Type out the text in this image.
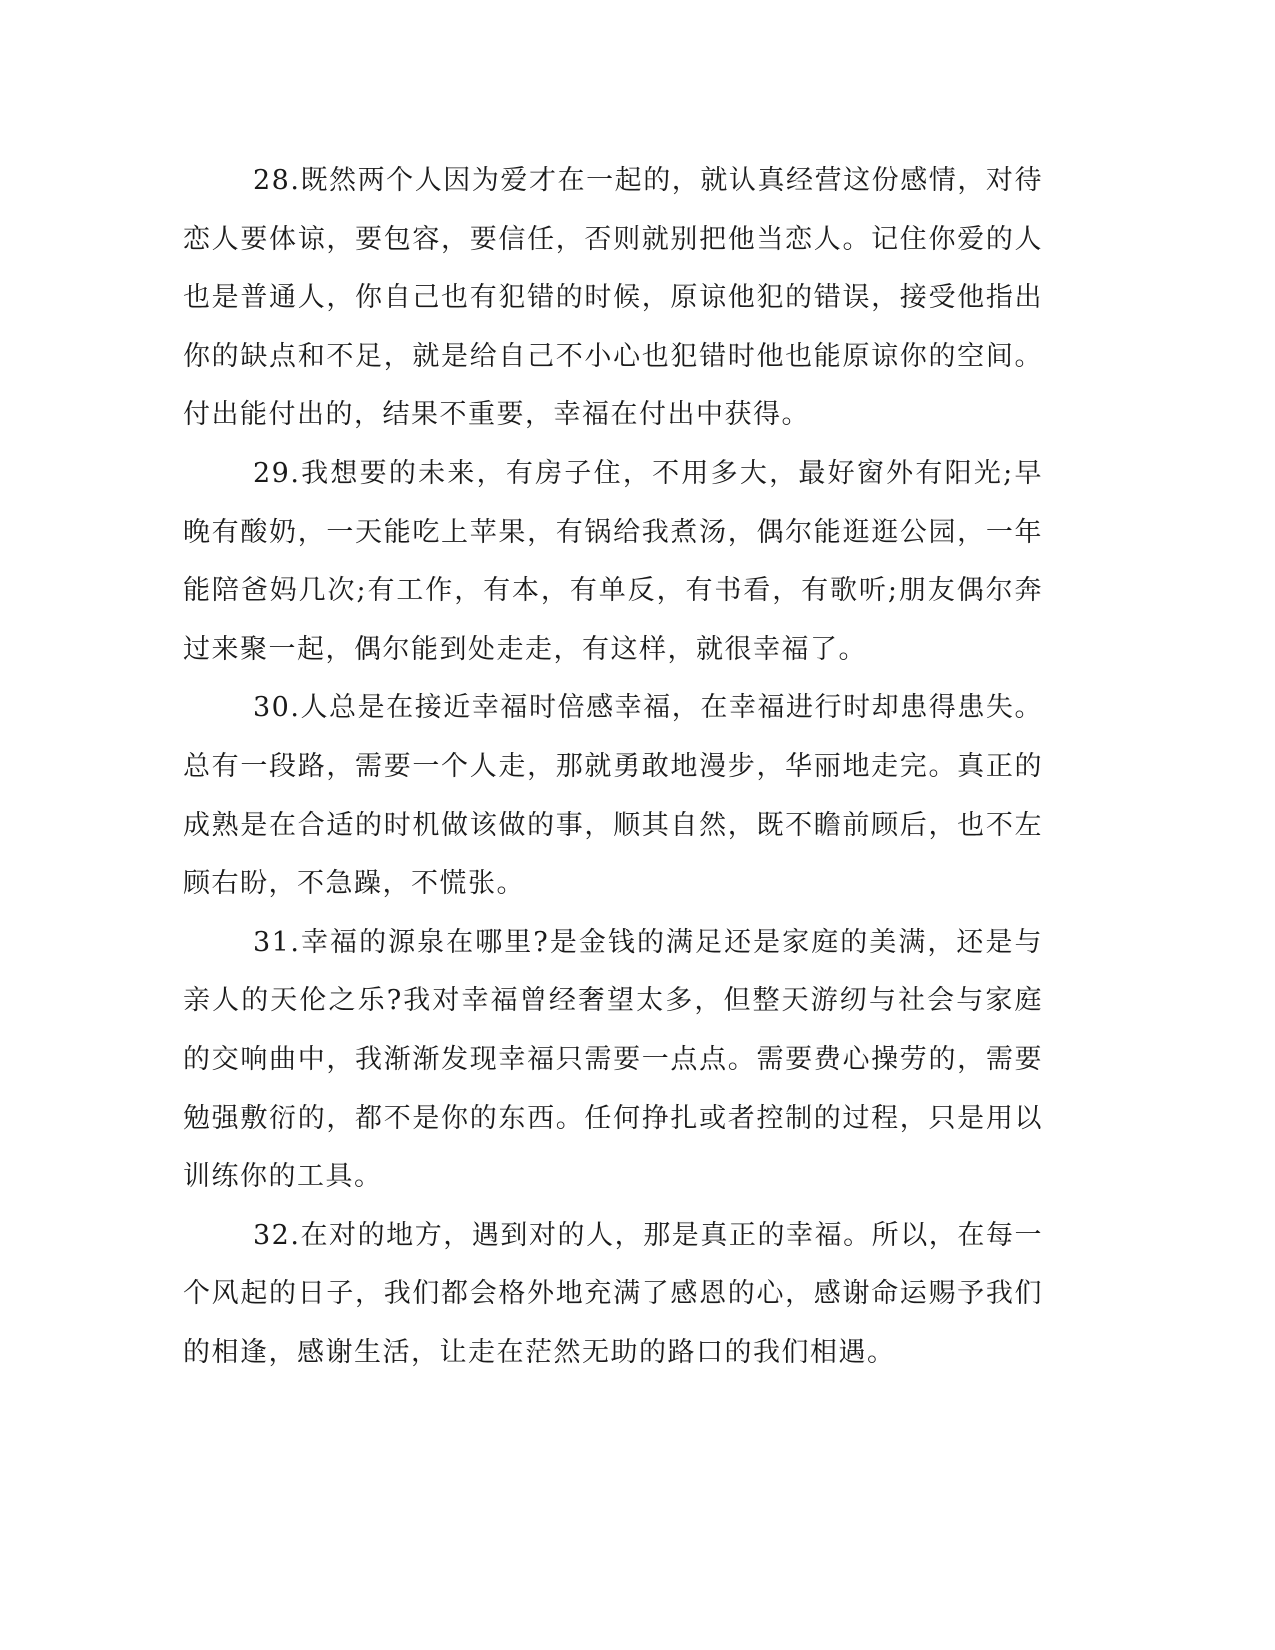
28.既然两个人因为爱才在一起的，就认真经营这份感情，对待恋人要体谅，要包容，要信任，否则就别把他当恋人。记住你爱的人也是普通人，你自己也有犯错的时候，原谅他犯的错误，接受他指出你的缺点和不足，就是给自己不小心也犯错时他也能原谅你的空间。付出能付出的，结果不重要，幸福在付出中获得。

29.我想要的未来，有房子住，不用多大，最好窗外有阳光;早晚有酸奶，一天能吃上苹果，有锅给我煮汤，偶尔能逛逛公园，一年能陪爸妈几次;有工作，有本，有单反，有书看，有歌听;朋友偶尔奔过来聚一起，偶尔能到处走走，有这样，就很幸福了。

30.人总是在接近幸福时倍感幸福，在幸福进行时却患得患失。总有一段路，需要一个人走，那就勇敢地漫步，华丽地走完。真正的成熟是在合适的时机做该做的事，顺其自然，既不瞻前顾后，也不左顾右盼，不急躁，不慌张。

31.幸福的源泉在哪里?是金钱的满足还是家庭的美满，还是与亲人的天伦之乐?我对幸福曾经奢望太多，但整天游纫与社会与家庭的交响曲中，我渐渐发现幸福只需要一点点。需要费心操劳的，需要勉强敷衍的，都不是你的东西。任何挣扎或者控制的过程，只是用以训练你的工具。

32.在对的地方，遇到对的人，那是真正的幸福。所以，在每一个风起的日子，我们都会格外地充满了感恩的心，感谢命运赐予我们的相逢，感谢生活，让走在茫然无助的路口的我们相遇。
